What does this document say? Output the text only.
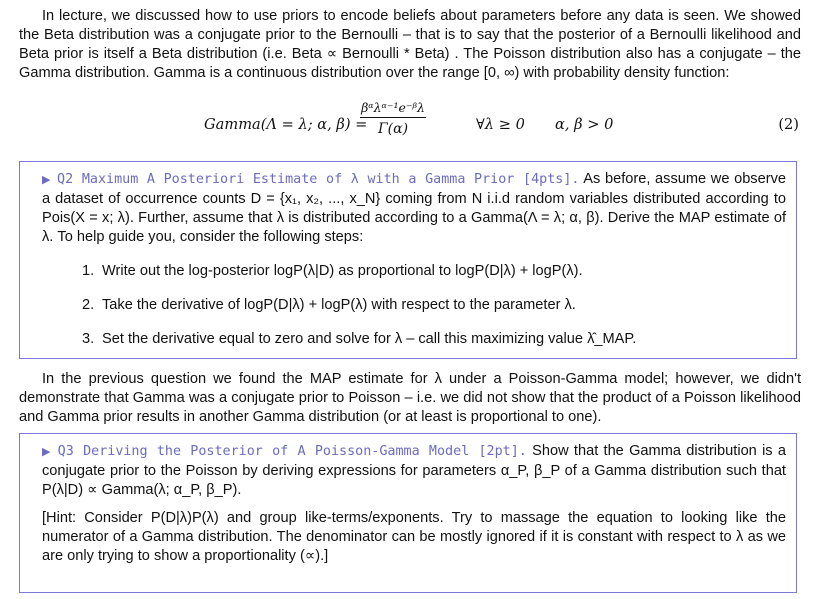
In lecture, we discussed how to use priors to encode beliefs about parameters before any data is seen. We showed the Beta distribution was a conjugate prior to the Bernoulli – that is to say that the posterior of a Bernoulli likelihood and Beta prior is itself a Beta distribution (i.e. Beta ∝ Bernoulli * Beta) . The Poisson distribution also has a conjugate – the Gamma distribution. Gamma is a continuous distribution over the range [0, ∞) with probability density function:
Gamma(Λ = λ; α, β) =
βᵅλᵅ⁻¹e⁻ᵝλ
Γ(α)	∀λ ≥ 0 α, β > 0	(2)
▶ Q2 Maximum A Posteriori Estimate of λ with a Gamma Prior [4pts]. As before, assume we observe a dataset of occurrence counts D = {x₁, x₂, ..., x_N} coming from N i.i.d random variables distributed according to Pois(X = x; λ). Further, assume that λ is distributed according to a Gamma(Λ = λ; α, β). Derive the MAP estimate of λ. To help guide you, consider the following steps:
1. Write out the log-posterior logP(λ|D) as proportional to logP(D|λ) + logP(λ).
2. Take the derivative of logP(D|λ) + logP(λ) with respect to the parameter λ.
3. Set the derivative equal to zero and solve for λ – call this maximizing value λ̂_MAP.
In the previous question we found the MAP estimate for λ under a Poisson-Gamma model; however, we didn't demonstrate that Gamma was a conjugate prior to Poisson – i.e. we did not show that the product of a Poisson likelihood and Gamma prior results in another Gamma distribution (or at least is proportional to one).
▶ Q3 Deriving the Posterior of A Poisson-Gamma Model [2pt]. Show that the Gamma distribution is a conjugate prior to the Poisson by deriving expressions for parameters α_P, β_P of a Gamma distribution such that P(λ|D) ∝ Gamma(λ; α_P, β_P).
[Hint: Consider P(D|λ)P(λ) and group like-terms/exponents. Try to massage the equation to looking like the numerator of a Gamma distribution. The denominator can be mostly ignored if it is constant with respect to λ as we are only trying to show a proportionality (∝).]
